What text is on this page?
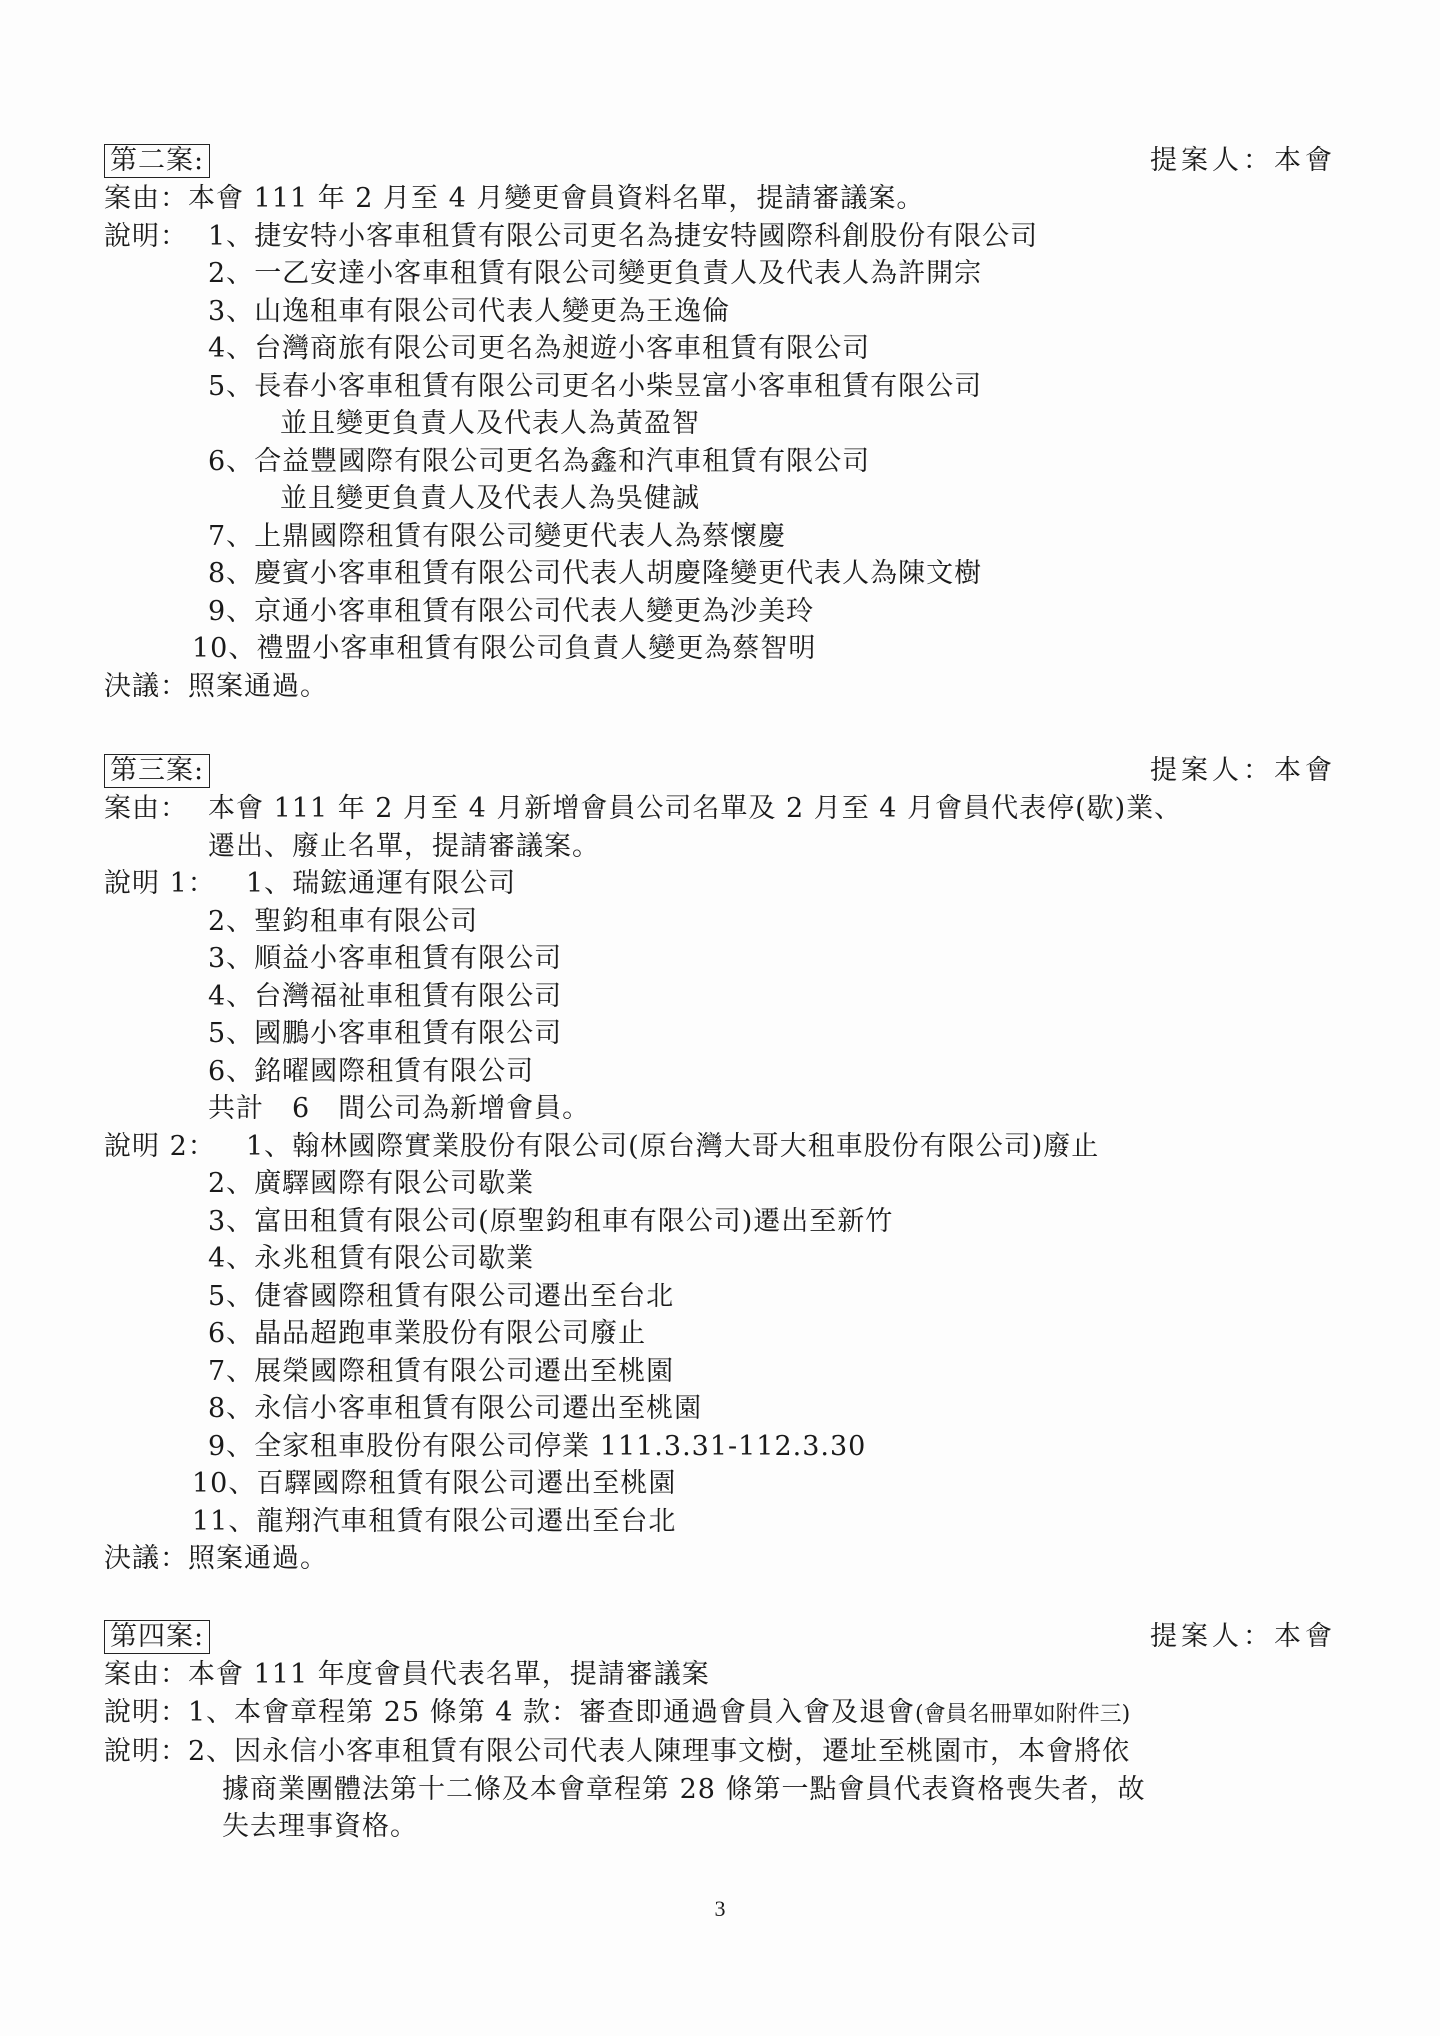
第二案:	提案人：本會
案由：本會 111 年 2 月至 4 月變更會員資料名單，提請審議案。
說明： 1、捷安特小客車租賃有限公司更名為捷安特國際科創股份有限公司
2、一乙安達小客車租賃有限公司變更負責人及代表人為許開宗
3、山逸租車有限公司代表人變更為王逸倫
4、台灣商旅有限公司更名為昶遊小客車租賃有限公司
5、長春小客車租賃有限公司更名小柴昱富小客車租賃有限公司
並且變更負責人及代表人為黃盈智
6、合益豐國際有限公司更名為鑫和汽車租賃有限公司
並且變更負責人及代表人為吳健誠
7、上鼎國際租賃有限公司變更代表人為蔡懷慶
8、慶賓小客車租賃有限公司代表人胡慶隆變更代表人為陳文樹
9、京通小客車租賃有限公司代表人變更為沙美玲
10、禮盟小客車租賃有限公司負責人變更為蔡智明
決議：照案通過。
第三案:	提案人：本會
案由： 本會 111 年 2 月至 4 月新增會員公司名單及 2 月至 4 月會員代表停(歇)業、
遷出、廢止名單，提請審議案。
說明 1： 1、瑞鋐通運有限公司
2、聖鈞租車有限公司
3、順益小客車租賃有限公司
4、台灣福祉車租賃有限公司
5、國鵬小客車租賃有限公司
6、銘曜國際租賃有限公司
共計　6　間公司為新增會員。
說明 2： 1、翰林國際實業股份有限公司(原台灣大哥大租車股份有限公司)廢止
2、廣驛國際有限公司歇業
3、富田租賃有限公司(原聖鈞租車有限公司)遷出至新竹
4、永兆租賃有限公司歇業
5、倢睿國際租賃有限公司遷出至台北
6、晶品超跑車業股份有限公司廢止
7、展榮國際租賃有限公司遷出至桃園
8、永信小客車租賃有限公司遷出至桃園
9、全家租車股份有限公司停業 111.3.31-112.3.30
10、百驛國際租賃有限公司遷出至桃園
11、龍翔汽車租賃有限公司遷出至台北
決議：照案通過。
第四案:	提案人：本會
案由：本會 111 年度會員代表名單，提請審議案
說明：1、本會章程第 25 條第 4 款：審查即通過會員入會及退會(會員名冊單如附件三)
說明：2、因永信小客車租賃有限公司代表人陳理事文樹，遷址至桃園市，本會將依
據商業團體法第十二條及本會章程第 28 條第一點會員代表資格喪失者，故
失去理事資格。
3
